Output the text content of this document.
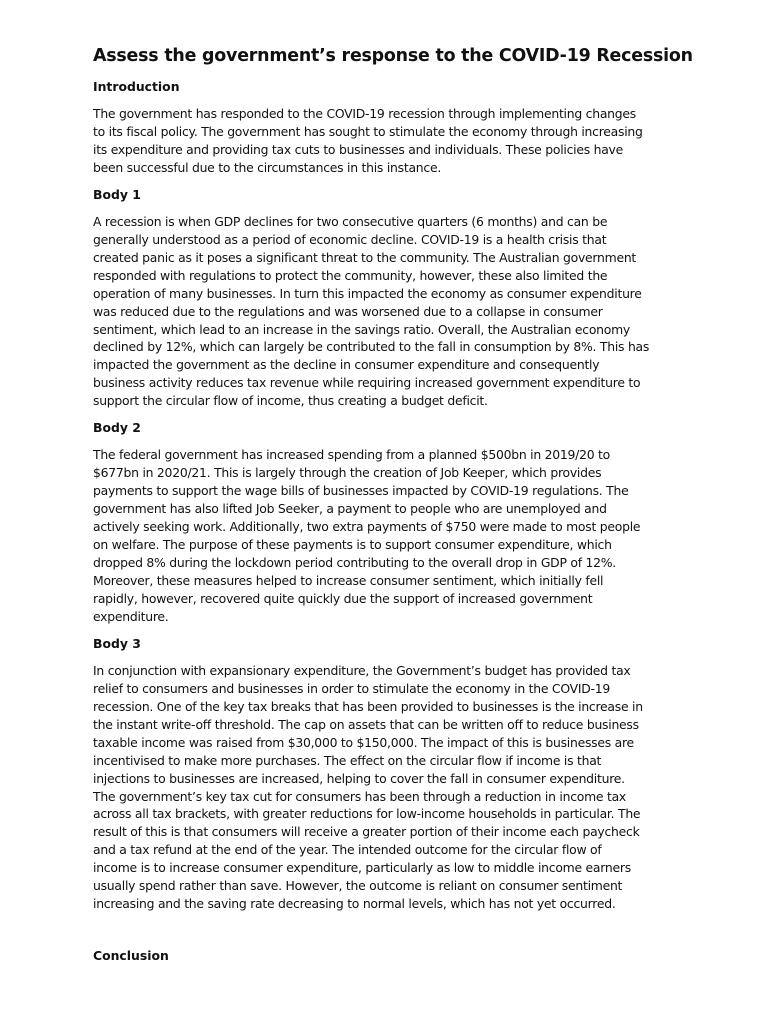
Assess the government’s response to the COVID-19 Recession
Introduction
The government has responded to the COVID-19 recession through implementing changes
to its fiscal policy. The government has sought to stimulate the economy through increasing
its expenditure and providing tax cuts to businesses and individuals. These policies have
been successful due to the circumstances in this instance.
Body 1
A recession is when GDP declines for two consecutive quarters (6 months) and can be
generally understood as a period of economic decline. COVID-19 is a health crisis that
created panic as it poses a significant threat to the community. The Australian government
responded with regulations to protect the community, however, these also limited the
operation of many businesses. In turn this impacted the economy as consumer expenditure
was reduced due to the regulations and was worsened due to a collapse in consumer
sentiment, which lead to an increase in the savings ratio. Overall, the Australian economy
declined by 12%, which can largely be contributed to the fall in consumption by 8%. This has
impacted the government as the decline in consumer expenditure and consequently
business activity reduces tax revenue while requiring increased government expenditure to
support the circular flow of income, thus creating a budget deficit.
Body 2
The federal government has increased spending from a planned $500bn in 2019/20 to
$677bn in 2020/21. This is largely through the creation of Job Keeper, which provides
payments to support the wage bills of businesses impacted by COVID-19 regulations. The
government has also lifted Job Seeker, a payment to people who are unemployed and
actively seeking work. Additionally, two extra payments of $750 were made to most people
on welfare. The purpose of these payments is to support consumer expenditure, which
dropped 8% during the lockdown period contributing to the overall drop in GDP of 12%.
Moreover, these measures helped to increase consumer sentiment, which initially fell
rapidly, however, recovered quite quickly due the support of increased government
expenditure.
Body 3
In conjunction with expansionary expenditure, the Government’s budget has provided tax
relief to consumers and businesses in order to stimulate the economy in the COVID-19
recession. One of the key tax breaks that has been provided to businesses is the increase in
the instant write-off threshold. The cap on assets that can be written off to reduce business
taxable income was raised from $30,000 to $150,000. The impact of this is businesses are
incentivised to make more purchases. The effect on the circular flow if income is that
injections to businesses are increased, helping to cover the fall in consumer expenditure.
The government’s key tax cut for consumers has been through a reduction in income tax
across all tax brackets, with greater reductions for low-income households in particular. The
result of this is that consumers will receive a greater portion of their income each paycheck
and a tax refund at the end of the year. The intended outcome for the circular flow of
income is to increase consumer expenditure, particularly as low to middle income earners
usually spend rather than save. However, the outcome is reliant on consumer sentiment
increasing and the saving rate decreasing to normal levels, which has not yet occurred.
Conclusion
